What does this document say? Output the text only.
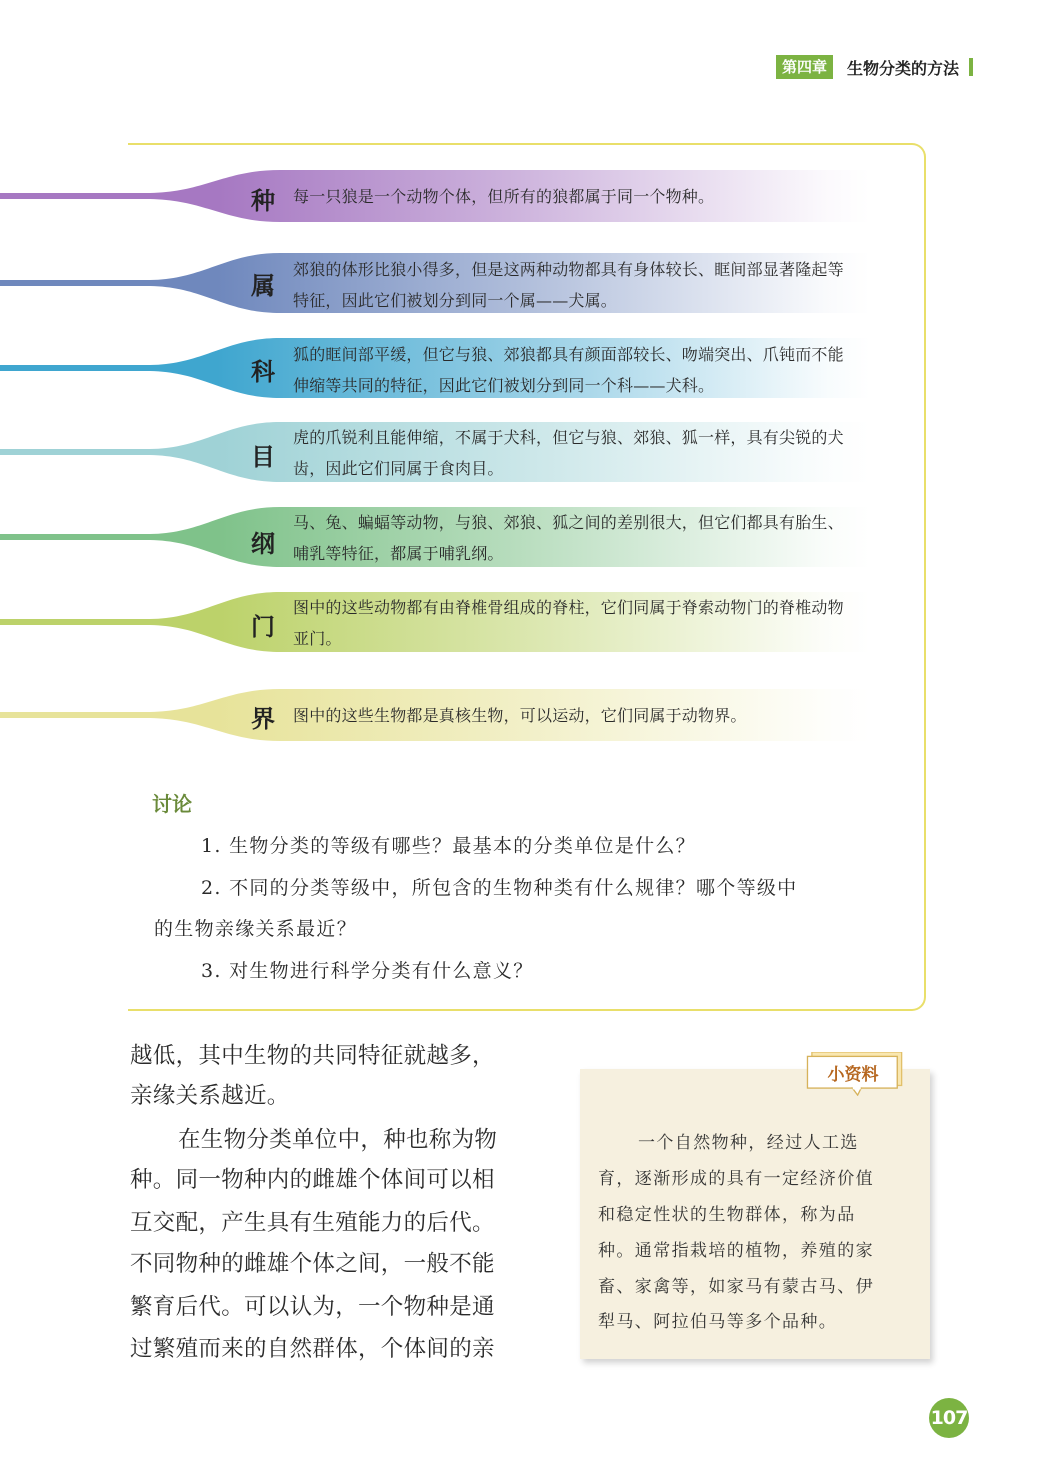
第四章	生物分类的方法
种 每一只狼是一个动物个体，但所有的狼都属于同一个物种。
属
郊狼的体形比狼小得多，但是这两种动物都具有身体较长、眶间部显著隆起等
特征，因此它们被划分到同一个属——犬属。
科
狐的眶间部平缓，但它与狼、郊狼都具有颜面部较长、吻端突出、爪钝而不能
伸缩等共同的特征，因此它们被划分到同一个科——犬科。
目
虎的爪锐利且能伸缩，不属于犬科，但它与狼、郊狼、狐一样，具有尖锐的犬
齿，因此它们同属于食肉目。
纲
马、兔、蝙蝠等动物，与狼、郊狼、狐之间的差别很大，但它们都具有胎生、
哺乳等特征，都属于哺乳纲。
门
图中的这些动物都有由脊椎骨组成的脊柱，它们同属于脊索动物门的脊椎动物
亚门。
界 图中的这些生物都是真核生物，可以运动，它们同属于动物界。
讨论
1. 生物分类的等级有哪些？最基本的分类单位是什么？
2. 不同的分类等级中，所包含的生物种类有什么规律？哪个等级中
的生物亲缘关系最近？
3. 对生物进行科学分类有什么意义？
越低，其中生物的共同特征就越多，
亲缘关系越近。
在生物分类单位中，种也称为物
种。同一物种内的雌雄个体间可以相
互交配，产生具有生殖能力的后代。
不同物种的雌雄个体之间，一般不能
繁育后代。可以认为，一个物种是通
过繁殖而来的自然群体，个体间的亲
小资料
一个自然物种，经过人工选
育，逐渐形成的具有一定经济价值
和稳定性状的生物群体，称为品
种。通常指栽培的植物，养殖的家
畜、家禽等，如家马有蒙古马、伊
犁马、阿拉伯马等多个品种。
107
